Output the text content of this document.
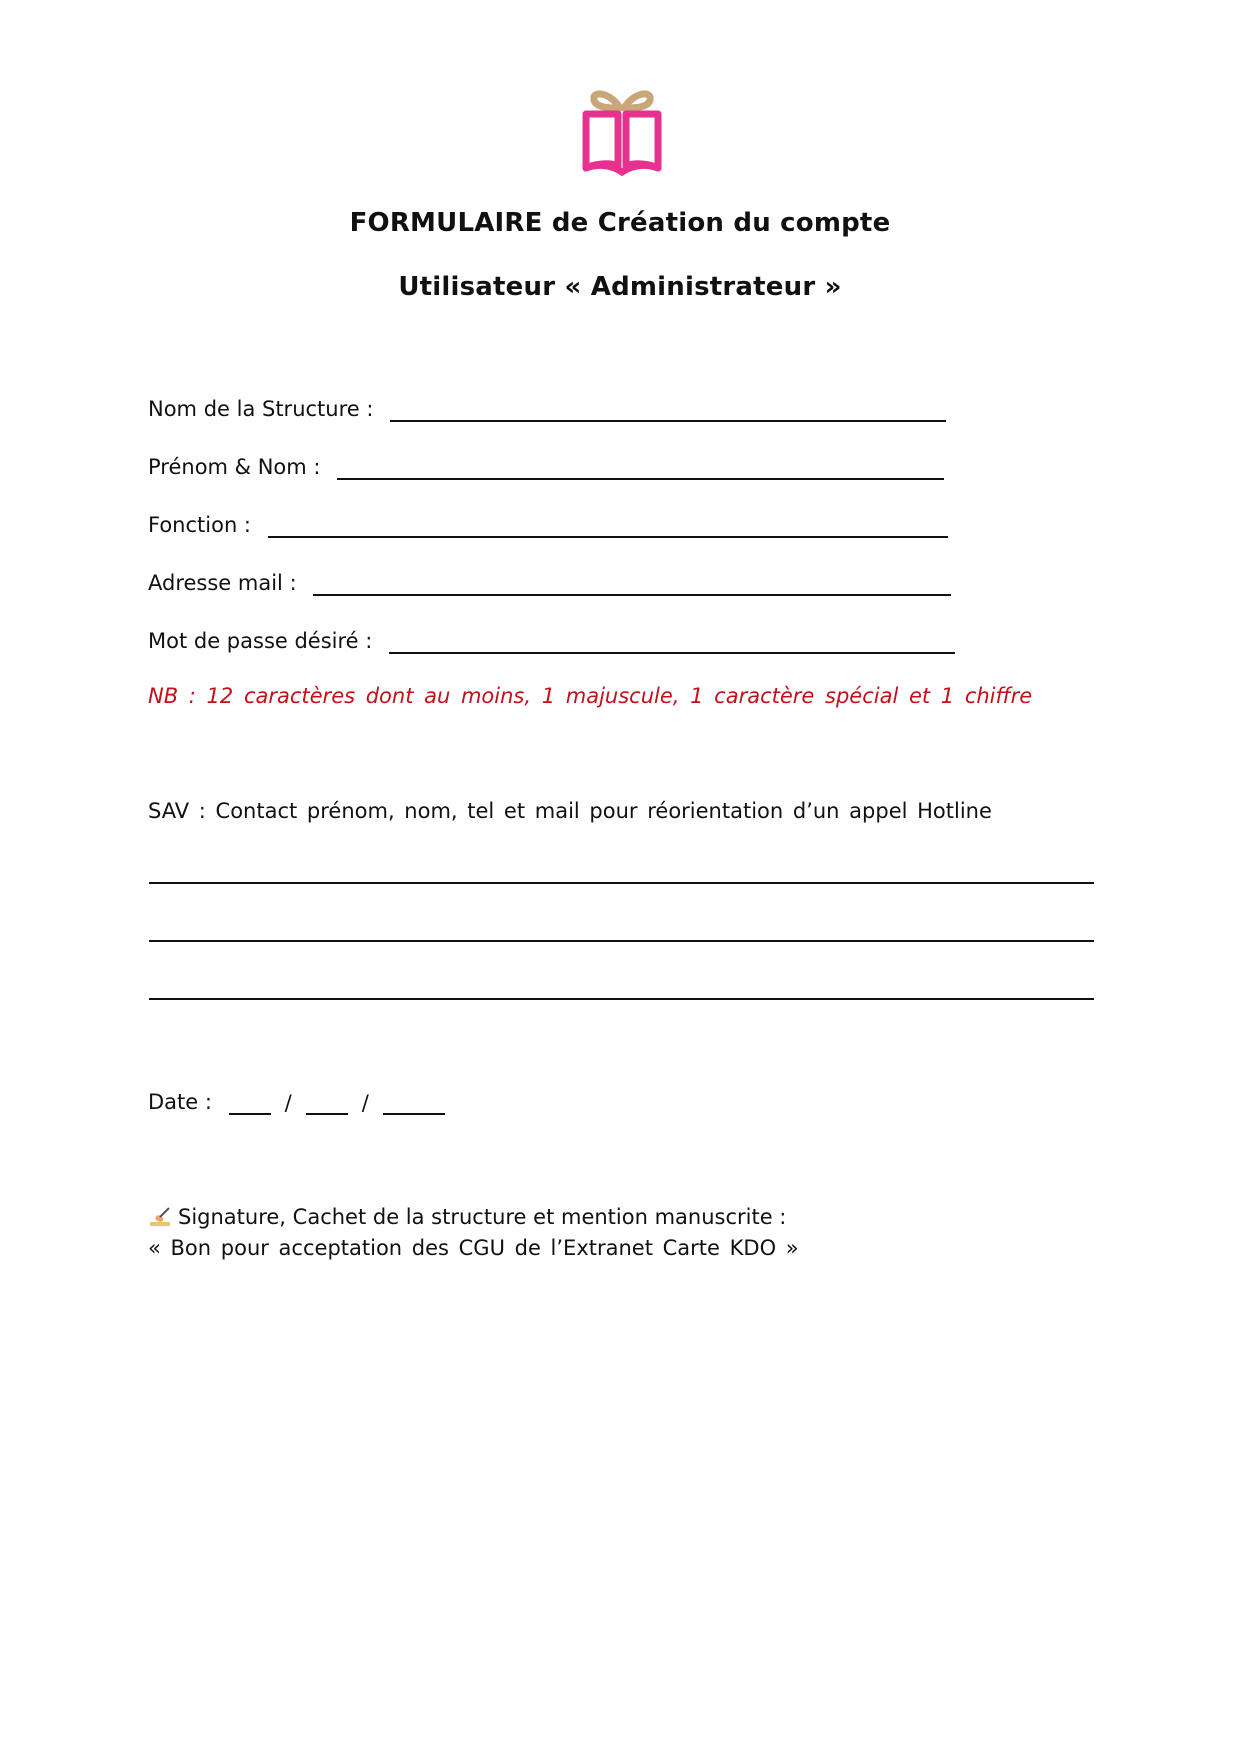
FORMULAIRE de Création du compte
Utilisateur « Administrateur »
Nom de la Structure :
Prénom & Nom :
Fonction :
Adresse mail :
Mot de passe désiré :
NB : 12 caractères dont au moins, 1 majuscule, 1 caractère spécial et 1 chiffre
SAV : Contact prénom, nom, tel et mail pour réorientation d’un appel Hotline
Date :	/	/
Signature, Cachet de la structure et mention manuscrite :
« Bon pour acceptation des CGU de l’Extranet Carte KDO »
